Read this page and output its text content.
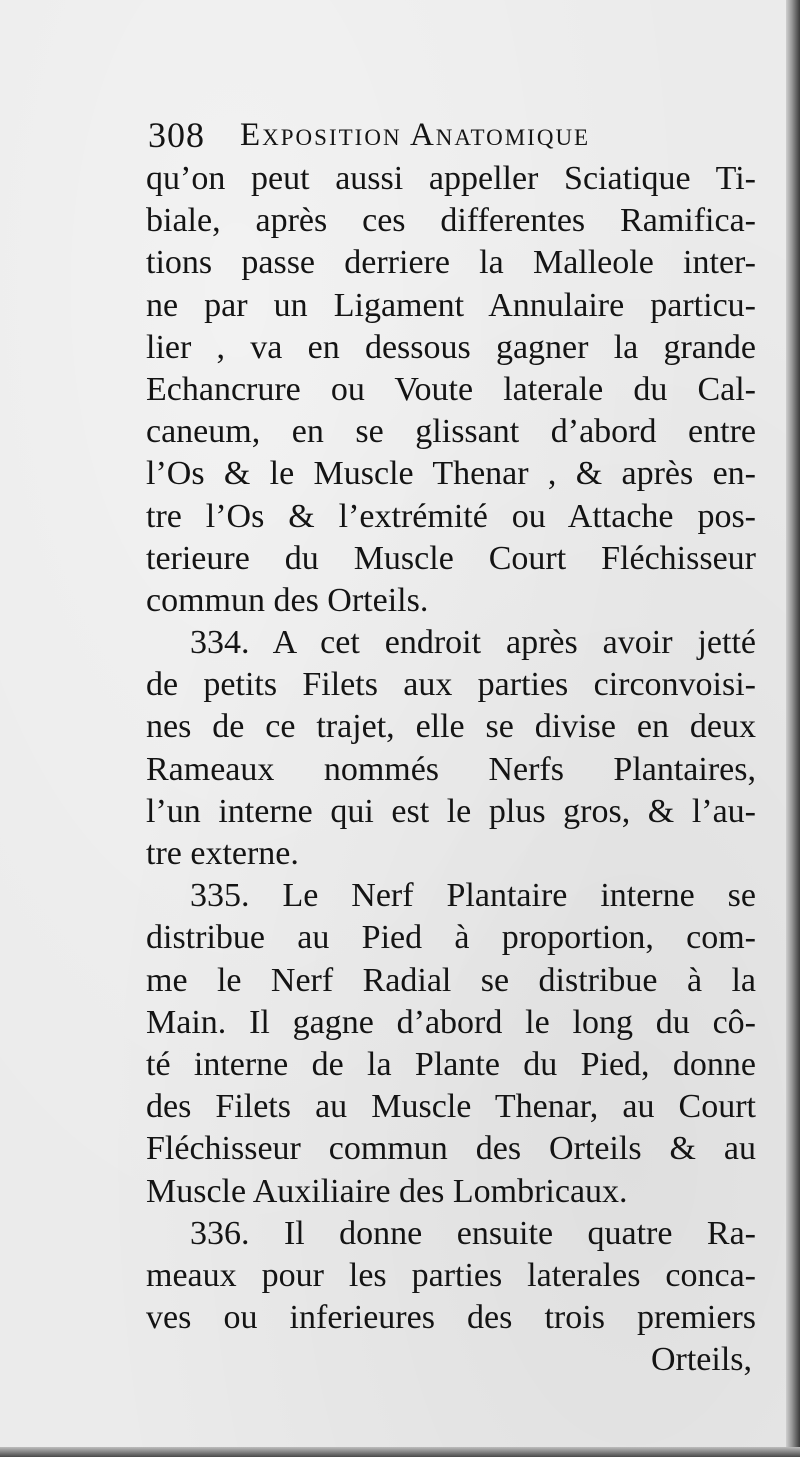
308 Exposition Anatomique
qu’on peut aussi appeller Sciatique Ti-
biale, après ces differentes Ramifica-
tions passe derriere la Malleole inter-
ne par un Ligament Annulaire particu-
lier , va en dessous gagner la grande
Echancrure ou Voute laterale du Cal-
caneum, en se glissant d’abord entre
l’Os & le Muscle Thenar , & après en-
tre l’Os & l’extrémité ou Attache pos-
terieure du Muscle Court Fléchisseur
commun des Orteils.
334. A cet endroit après avoir jetté
de petits Filets aux parties circonvoisi-
nes de ce trajet, elle se divise en deux
Rameaux nommés Nerfs Plantaires,
l’un interne qui est le plus gros, & l’au-
tre externe.
335. Le Nerf Plantaire interne se
distribue au Pied à proportion, com-
me le Nerf Radial se distribue à la
Main. Il gagne d’abord le long du cô-
té interne de la Plante du Pied, donne
des Filets au Muscle Thenar, au Court
Fléchisseur commun des Orteils & au
Muscle Auxiliaire des Lombricaux.
336. Il donne ensuite quatre Ra-
meaux pour les parties laterales conca-
ves ou inferieures des trois premiers
Orteils,
